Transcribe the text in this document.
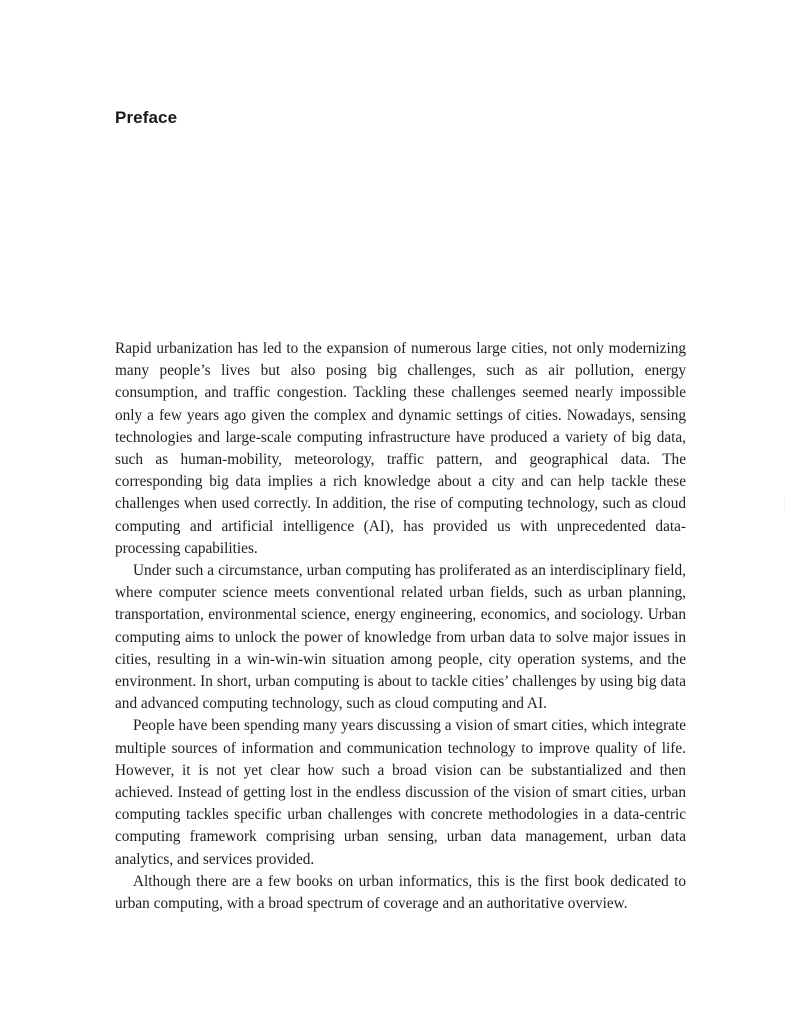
Preface

Rapid urbanization has led to the expansion of numerous large cities, not only modernizing many people’s lives but also posing big challenges, such as air pollution, energy consumption, and traffic congestion. Tackling these challenges seemed nearly impossible only a few years ago given the complex and dynamic settings of cities. Nowadays, sensing technologies and large-scale computing infrastructure have produced a variety of big data, such as human-mobility, meteorology, traffic pattern, and geographical data. The corresponding big data implies a rich knowledge about a city and can help tackle these challenges when used correctly. In addition, the rise of computing technology, such as cloud computing and artificial intelligence (AI), has provided us with unprecedented data-processing capabilities.

Under such a circumstance, urban computing has proliferated as an interdisciplinary field, where computer science meets conventional related urban fields, such as urban planning, transportation, environmental science, energy engineering, economics, and sociology. Urban computing aims to unlock the power of knowledge from urban data to solve major issues in cities, resulting in a win-win-win situation among people, city operation systems, and the environment. In short, urban computing is about to tackle cities’ challenges by using big data and advanced computing technology, such as cloud computing and AI.

People have been spending many years discussing a vision of smart cities, which integrate multiple sources of information and communication technology to improve quality of life. However, it is not yet clear how such a broad vision can be substantialized and then achieved. Instead of getting lost in the endless discussion of the vision of smart cities, urban computing tackles specific urban challenges with concrete methodologies in a data-centric computing framework comprising urban sensing, urban data management, urban data analytics, and services provided.

Although there are a few books on urban informatics, this is the first book dedicated to urban computing, with a broad spectrum of coverage and an authoritative overview.

……
